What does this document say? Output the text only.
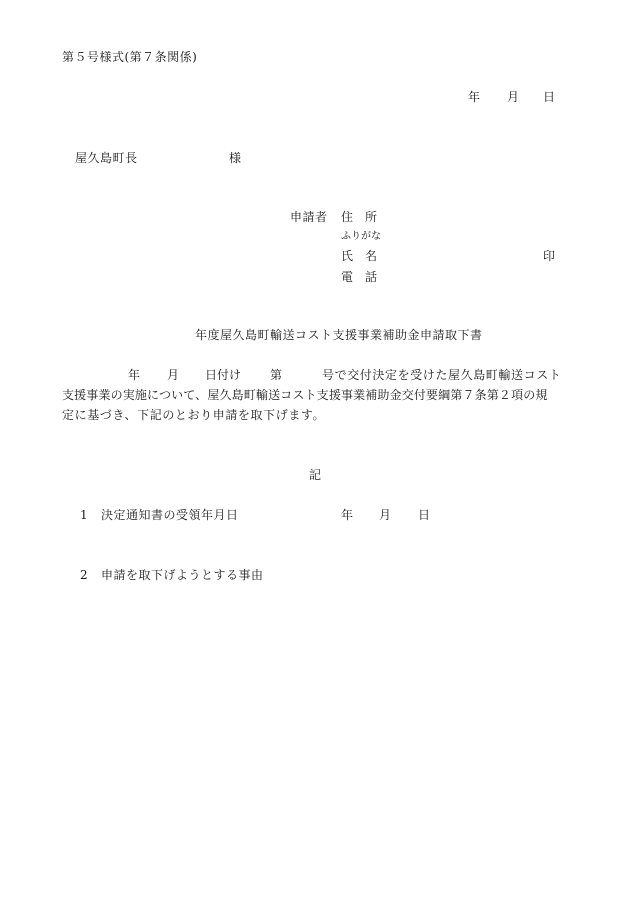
第５号様式(第７条関係)
年 月 日
屋久島町長	様
申請者 住　所
ふりがな
氏　名	印
電　話
年度屋久島町輸送コスト支援事業補助金申請取下書
年 月 日付け 第	号で交付決定を受けた屋久島町輸送コスト
支援事業の実施について、屋久島町輸送コスト支援事業補助金交付要綱第７条第２項の規
定に基づき、下記のとおり申請を取下げます。
記
1 決定通知書の受領年月日	年 月 日
2 申請を取下げようとする事由
